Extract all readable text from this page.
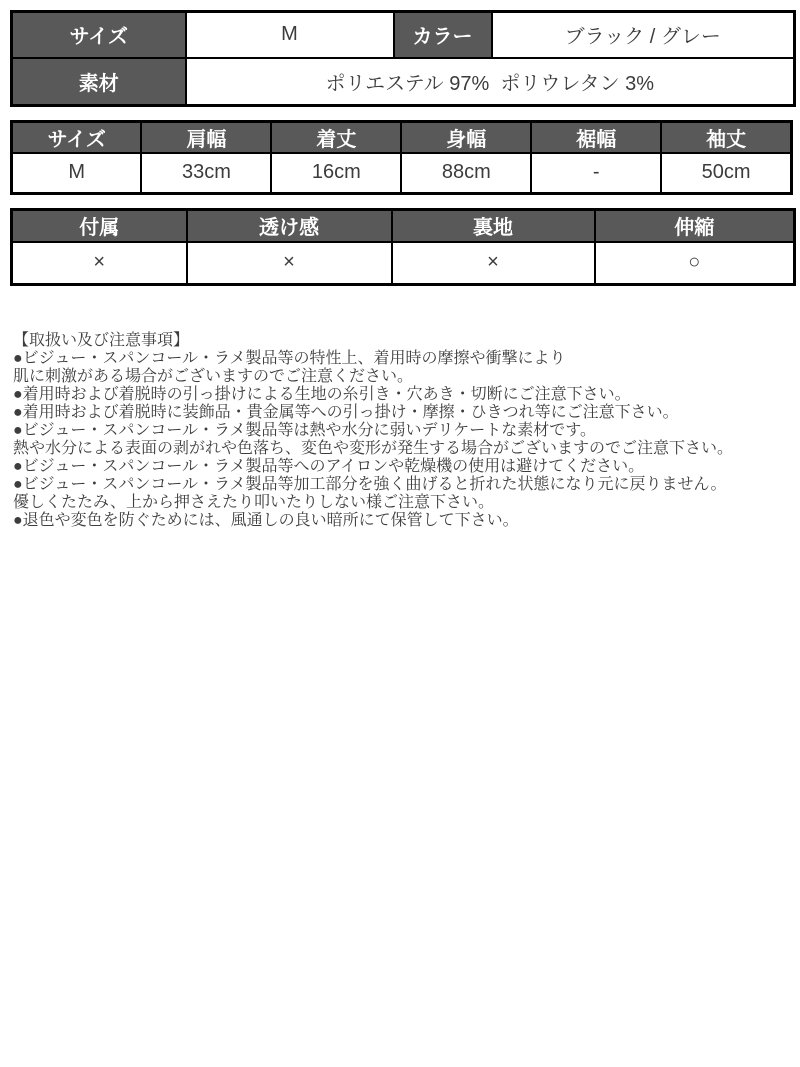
サイズ	M	カラー	ブラック / グレー
素材	ポリエステル 97%  ポリウレタン 3%		
サイズ	肩幅	着丈	身幅	裾幅	袖丈
M	33cm	16cm	88cm	-	50cm
付属	透け感	裏地	伸縮
×	×	×	○
【取扱い及び注意事項】
●ビジュー・スパンコール・ラメ製品等の特性上、着用時の摩擦や衝撃により
肌に刺激がある場合がございますのでご注意ください。
●着用時および着脱時の引っ掛けによる生地の糸引き・穴あき・切断にご注意下さい。
●着用時および着脱時に装飾品・貴金属等への引っ掛け・摩擦・ひきつれ等にご注意下さい。
●ビジュー・スパンコール・ラメ製品等は熱や水分に弱いデリケートな素材です。
熱や水分による表面の剥がれや色落ち、変色や変形が発生する場合がございますのでご注意下さい。
●ビジュー・スパンコール・ラメ製品等へのアイロンや乾燥機の使用は避けてください。
●ビジュー・スパンコール・ラメ製品等加工部分を強く曲げると折れた状態になり元に戻りません。
優しくたたみ、上から押さえたり叩いたりしない様ご注意下さい。
●退色や変色を防ぐためには、風通しの良い暗所にて保管して下さい。
